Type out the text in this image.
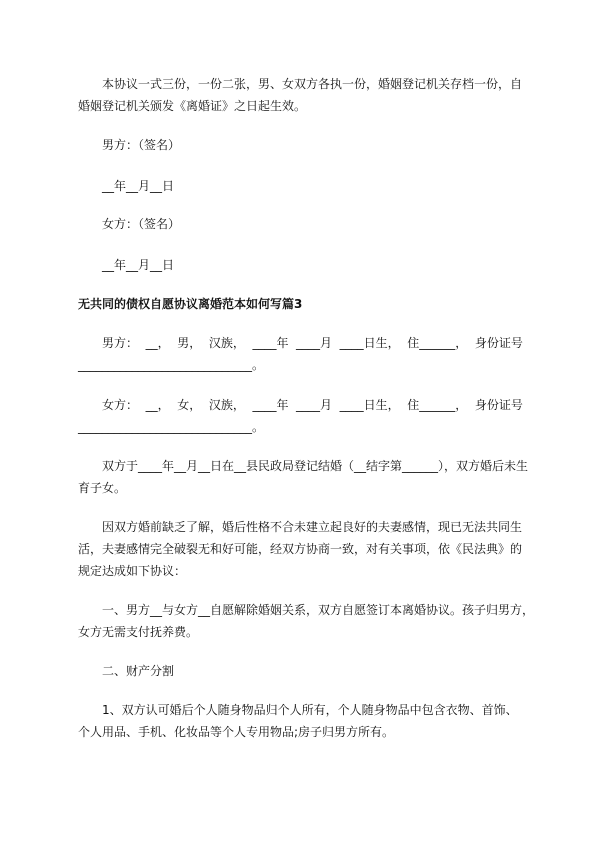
本协议一式三份，一份二张，男、女双方各执一份，婚姻登记机关存档一份，自
婚姻登记机关颁发《离婚证》之日起生效。
男方：（签名）
__年__月__日
女方：（签名）
__年__月__日
无共同的债权自愿协议离婚范本如何写篇3
男方： __， 男， 汉族， ____年 ____月 ____日生， 住______， 身份证号
_____________________________。
女方： __， 女， 汉族， ____年 ____月 ____日生， 住______， 身份证号
_____________________________。
双方于____年__月__日在__县民政局登记结婚（__结字第______），双方婚后未生
育子女。
因双方婚前缺乏了解，婚后性格不合未建立起良好的夫妻感情，现已无法共同生
活，夫妻感情完全破裂无和好可能，经双方协商一致，对有关事项，依《民法典》的
规定达成如下协议：
一、男方__与女方__自愿解除婚姻关系，双方自愿签订本离婚协议。孩子归男方，
女方无需支付抚养费。
二、财产分割
1、双方认可婚后个人随身物品归个人所有，个人随身物品中包含衣物、首饰、
个人用品、手机、化妆品等个人专用物品;房子归男方所有。
